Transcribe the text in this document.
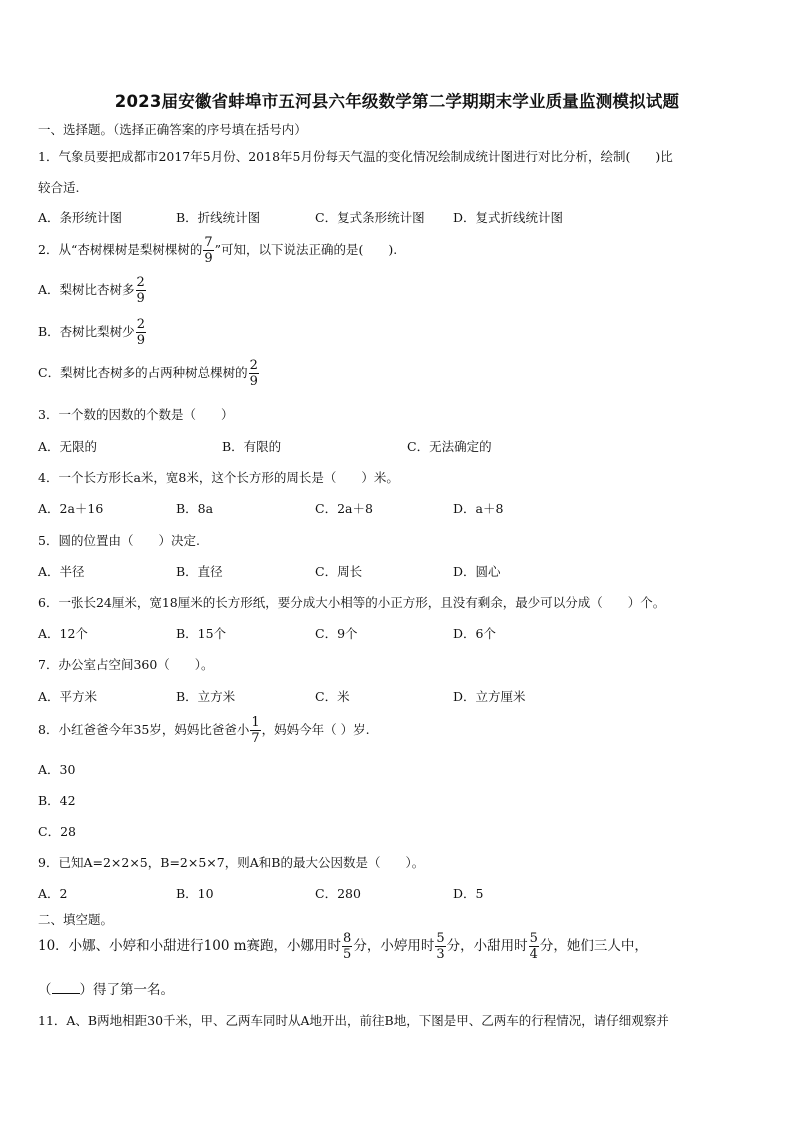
2023届安徽省蚌埠市五河县六年级数学第二学期期末学业质量监测模拟试题
一、选择题。（选择正确答案的序号填在括号内）
1．气象员要把成都市2017年5月份、2018年5月份每天气温的变化情况绘制成统计图进行对比分析，绘制(　　)比
较合适.
A．条形统计图	B．折线统计图	C．复式条形统计图 D．复式折线统计图
2．从“杏树棵树是梨树棵树的 $\frac{7}{9}$ ”可知，以下说法正确的是(　　).
A．梨树比杏树多 $\frac{2}{9}$
B．杏树比梨树少 $\frac{2}{9}$
C．梨树比杏树多的占两种树总棵树的 $\frac{2}{9}$
3．一个数的因数的个数是（　　）
A．无限的	B．有限的	C．无法确定的
4．一个长方形长a米，宽8米，这个长方形的周长是（　　）米。
A．2a＋16	B．8a	C．2a＋8	D．a＋8
5．圆的位置由（　　）决定.
A．半径	B．直径	C．周长	D．圆心
6．一张长24厘米，宽18厘米的长方形纸，要分成大小相等的小正方形，且没有剩余，最少可以分成（　　）个。
A．12个	B．15个	C．9个	D．6个
7．办公室占空间360（　　）。
A．平方米	B．立方米	C．米	D．立方厘米
8．小红爸爸今年35岁，妈妈比爸爸小 $\frac{1}{7}$ ，妈妈今年（ ）岁.
A．30
B．42
C．28
9．已知A=2×2×5，B=2×5×7，则A和B的最大公因数是（　　）。
A．2	B．10	C．280	D．5
二、填空题。
10．小娜、小婷和小甜进行100 m赛跑，小娜用时 $\frac{8}{5}$ 分，小婷用时 $\frac{5}{3}$ 分，小甜用时 $\frac{5}{4}$ 分，她们三人中，
（ ）得了第一名。
11．A、B两地相距30千米，甲、乙两车同时从A地开出，前往B地，下图是甲、乙两车的行程情况，请仔细观察并
